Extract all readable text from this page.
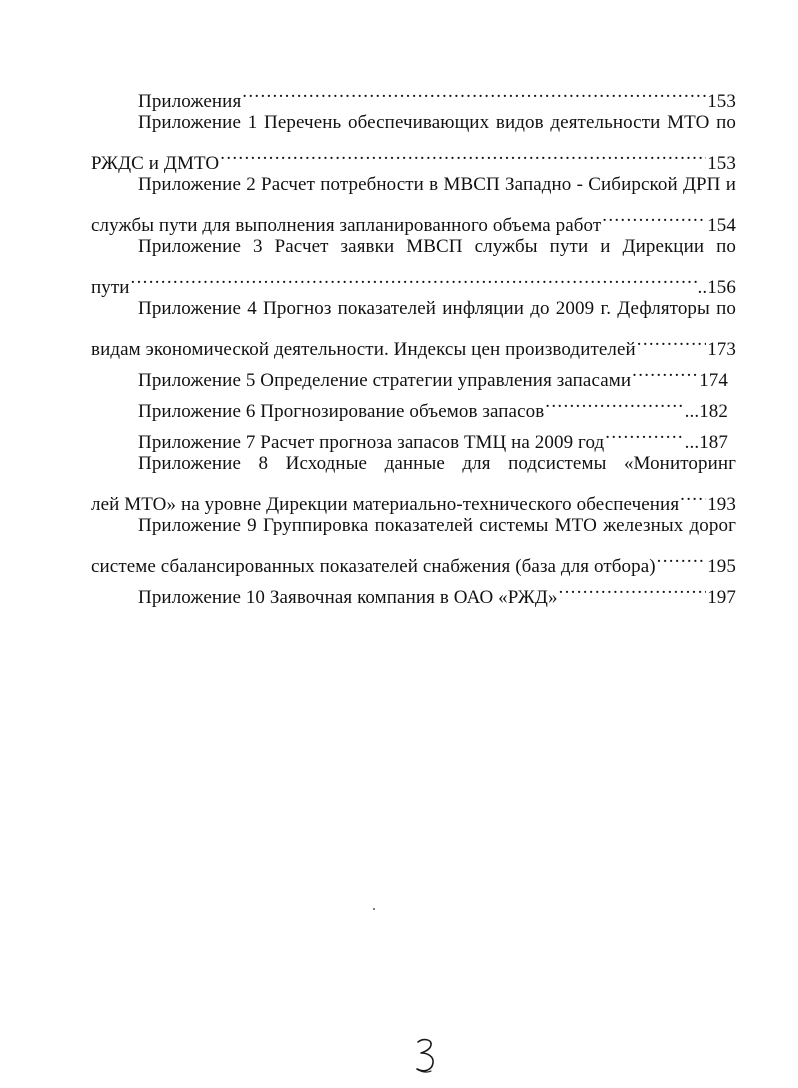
Приложения .....	153
Приложение 1 Перечень обеспечивающих видов деятельности МТО по
РЖДС и ДМТО .....	153
Приложение 2 Расчет потребности в МВСП Западно - Сибирской ДРП и
службы пути для выполнения запланированного объема работ .....	154
Приложение 3 Расчет заявки МВСП службы пути и Дирекции по
пути .....	..156
Приложение 4 Прогноз показателей инфляции до 2009 г. Дефляторы по
видам экономической деятельности. Индексы цен производителей .....	173
Приложение 5 Определение стратегии управления запасами .....	174
Приложение 6 Прогнозирование объемов запасов .....	...182
Приложение 7 Расчет прогноза запасов ТМЦ на 2009 год .....	...187
Приложение 8 Исходные данные для подсистемы «Мониторинг
лей МТО» на уровне Дирекции материально-технического обеспечения ..... 193
Приложение 9 Группировка показателей системы МТО железных дорог
системе сбалансированных показателей снабжения (база для отбора) .....	195
Приложение 10 Заявочная компания в ОАО «РЖД» .....	197
